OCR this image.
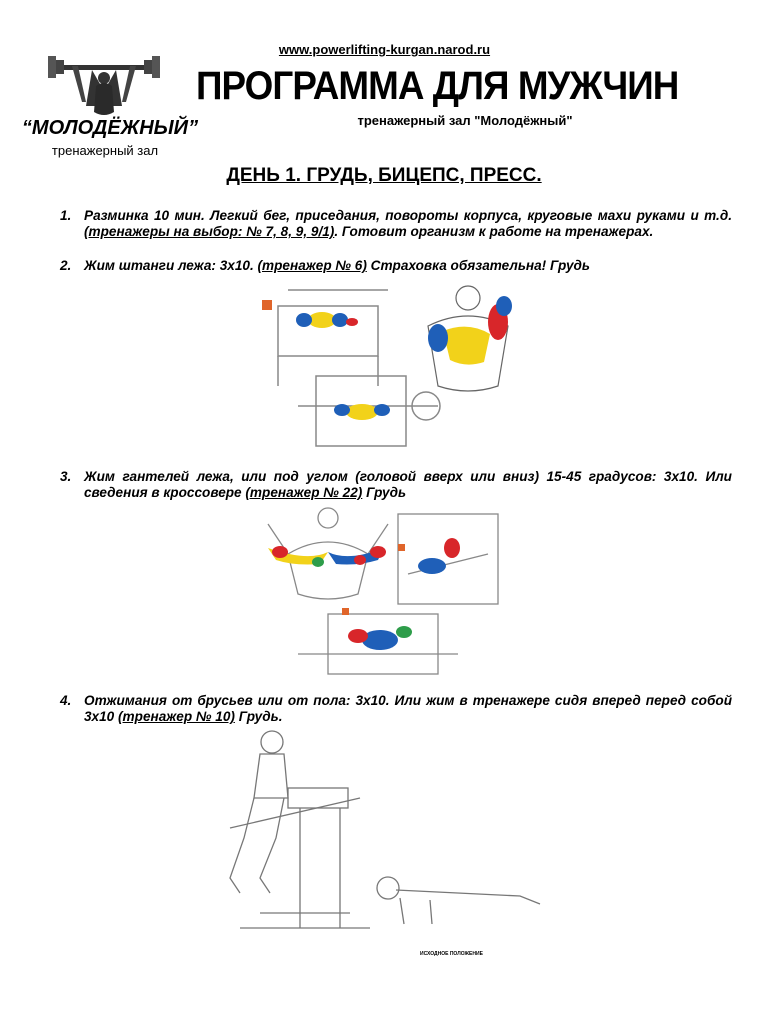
“МОЛОДЁЖНЫЙ”
тренажерный зал
www.powerlifting-kurgan.narod.ru
ПРОГРАММА ДЛЯ МУЖЧИН
тренажерный зал "Молодёжный"
ДЕНЬ 1. ГРУДЬ, БИЦЕПС, ПРЕСС.
1. Разминка 10 мин. Легкий бег, приседания, повороты корпуса, круговые махи руками и т.д. (тренажеры на выбор: № 7, 8, 9, 9/1). Готовит организм к работе на тренажерах.
2. Жим штанги лежа: 3х10. (тренажер № 6) Страховка обязательна! Грудь
3. Жим гантелей лежа, или под углом (головой вверх или вниз) 15-45 градусов: 3х10. Или сведения в кроссовере (тренажер № 22) Грудь
4. Отжимания от брусьев или от пола: 3х10. Или жим в тренажере сидя вперед перед собой 3х10 (тренажер № 10) Грудь.
ИСХОДНОЕ ПОЛОЖЕНИЕ
